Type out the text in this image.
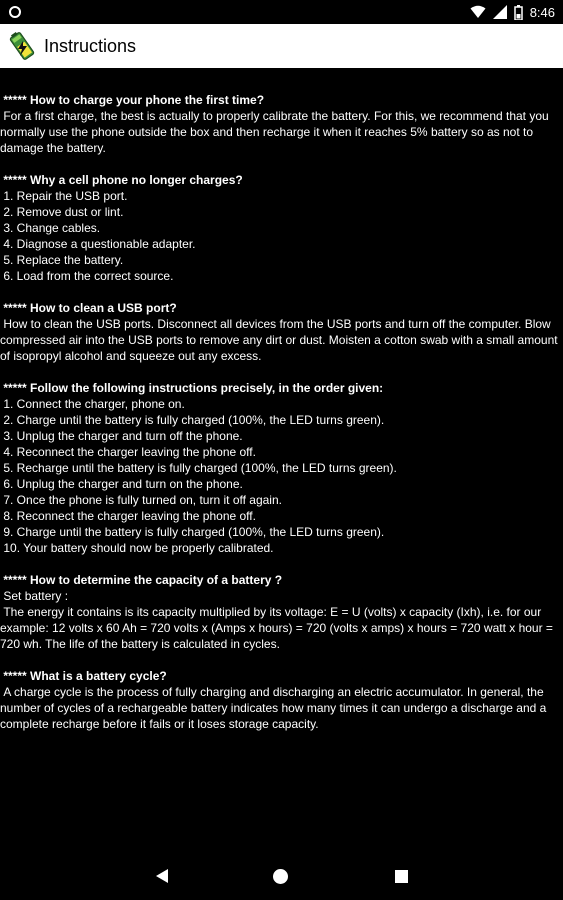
8:46
Instructions
***** How to charge your phone the first time?
For a first charge, the best is actually to properly calibrate the battery. For this, we recommend that you normally use the phone outside the box and then recharge it when it reaches 5% battery so as not to damage the battery.
***** Why a cell phone no longer charges?
1. Repair the USB port.
2. Remove dust or lint.
3. Change cables.
4. Diagnose a questionable adapter.
5. Replace the battery.
6. Load from the correct source.
***** How to clean a USB port?
How to clean the USB ports. Disconnect all devices from the USB ports and turn off the computer. Blow compressed air into the USB ports to remove any dirt or dust. Moisten a cotton swab with a small amount of isopropyl alcohol and squeeze out any excess.
***** Follow the following instructions precisely, in the order given:
1. Connect the charger, phone on.
2. Charge until the battery is fully charged (100%, the LED turns green).
3. Unplug the charger and turn off the phone.
4. Reconnect the charger leaving the phone off.
5. Recharge until the battery is fully charged (100%, the LED turns green).
6. Unplug the charger and turn on the phone.
7. Once the phone is fully turned on, turn it off again.
8. Reconnect the charger leaving the phone off.
9. Charge until the battery is fully charged (100%, the LED turns green).
10. Your battery should now be properly calibrated.
***** How to determine the capacity of a battery ?
Set battery :
The energy it contains is its capacity multiplied by its voltage: E = U (volts) x capacity (Ixh), i.e. for our example: 12 volts x 60 Ah = 720 volts x (Amps x hours) = 720 (volts x amps) x hours = 720 watt x hour = 720 wh. The life of the battery is calculated in cycles.
***** What is a battery cycle?
A charge cycle is the process of fully charging and discharging an electric accumulator. In general, the number of cycles of a rechargeable battery indicates how many times it can undergo a discharge and a complete recharge before it fails or it loses storage capacity.
